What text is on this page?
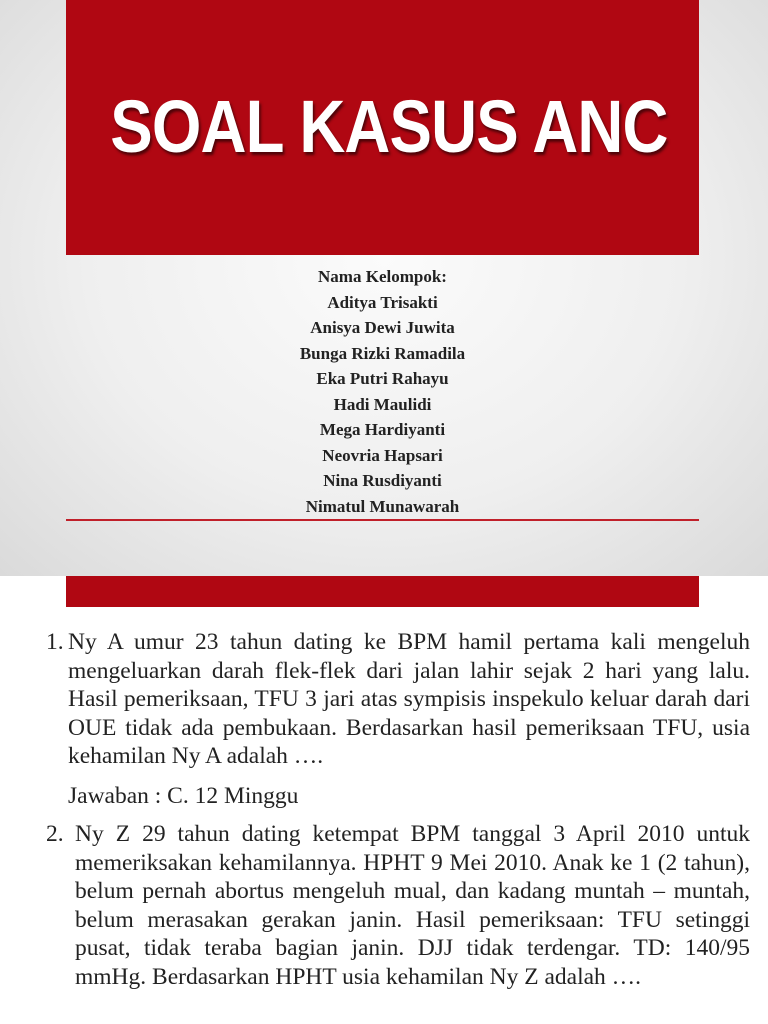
SOAL KASUS ANC
Nama Kelompok:
Aditya Trisakti
Anisya Dewi Juwita
Bunga Rizki Ramadila
Eka Putri Rahayu
Hadi Maulidi
Mega Hardiyanti
Neovria Hapsari
Nina Rusdiyanti
Nimatul Munawarah
1. Ny A umur 23 tahun dating ke BPM hamil pertama kali mengeluh mengeluarkan darah flek-flek dari jalan lahir sejak 2 hari yang lalu. Hasil pemeriksaan, TFU 3 jari atas sympisis inspekulo keluar darah dari OUE tidak ada pembukaan. Berdasarkan hasil pemeriksaan TFU, usia kehamilan Ny A adalah ….
Jawaban : C. 12 Minggu
2. Ny Z 29 tahun dating ketempat BPM tanggal 3 April 2010 untuk memeriksakan kehamilannya. HPHT 9 Mei 2010. Anak ke 1 (2 tahun), belum pernah abortus mengeluh mual, dan kadang muntah – muntah, belum merasakan gerakan janin. Hasil pemeriksaan: TFU setinggi pusat, tidak teraba bagian janin. DJJ tidak terdengar. TD: 140/95 mmHg. Berdasarkan HPHT usia kehamilan Ny Z adalah ….
